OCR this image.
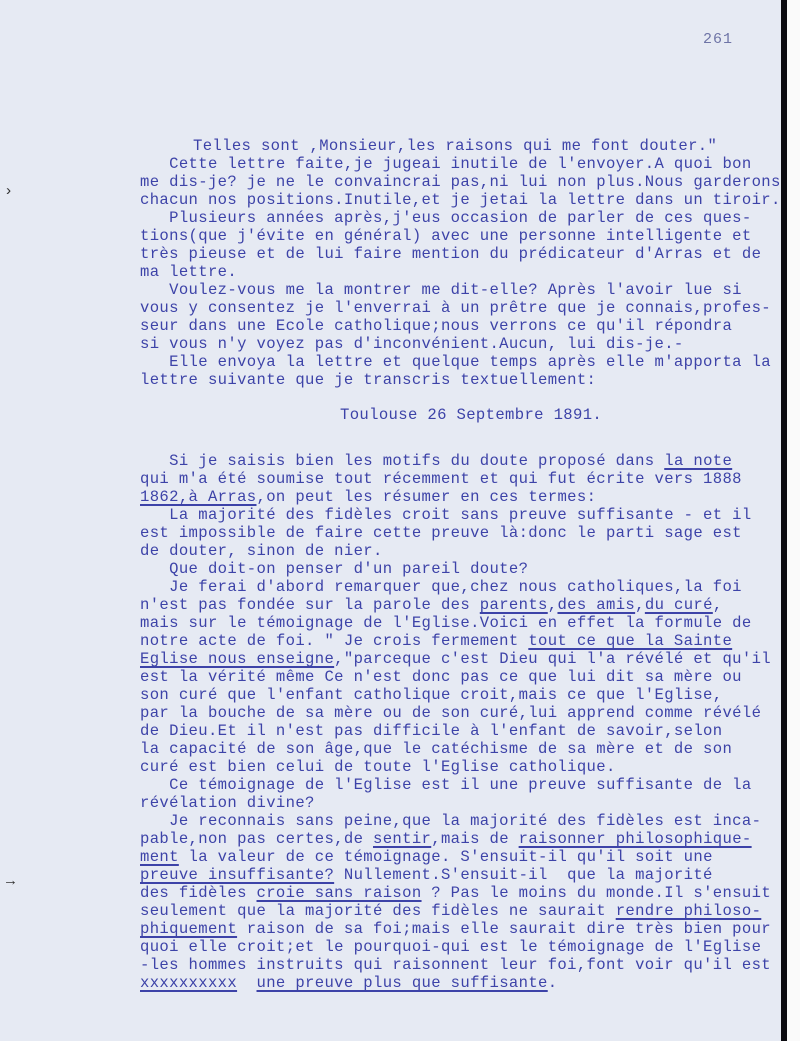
261
›
→
Telles sont ,Monsieur,les raisons qui me font douter."
Cette lettre faite,je jugeai inutile de l'envoyer.A quoi bon
me dis-je? je ne le convaincrai pas,ni lui non plus.Nous garderons
chacun nos positions.Inutile,et je jetai la lettre dans un tiroir.
Plusieurs années après,j'eus occasion de parler de ces ques-
tions(que j'évite en général) avec une personne intelligente et
très pieuse et de lui faire mention du prédicateur d'Arras et de
ma lettre.
Voulez-vous me la montrer me dit-elle? Après l'avoir lue si
vous y consentez je l'enverrai à un prêtre que je connais,profes-
seur dans une Ecole catholique;nous verrons ce qu'il répondra
si vous n'y voyez pas d'inconvénient.Aucun, lui dis-je.-
Elle envoya la lettre et quelque temps après elle m'apporta la
lettre suivante que je transcris textuellement:
Toulouse 26 Septembre 1891.
Si je saisis bien les motifs du doute proposé dans la note
qui m'a été soumise tout récemment et qui fut écrite vers 1888
1862,à Arras,on peut les résumer en ces termes:
La majorité des fidèles croit sans preuve suffisante - et il
est impossible de faire cette preuve là:donc le parti sage est
de douter, sinon de nier.
Que doit-on penser d'un pareil doute?
Je ferai d'abord remarquer que,chez nous catholiques,la foi
n'est pas fondée sur la parole des parents,des amis,du curé,
mais sur le témoignage de l'Eglise.Voici en effet la formule de
notre acte de foi. " Je crois fermement tout ce que la Sainte
Eglise nous enseigne,"parceque c'est Dieu qui l'a révélé et qu'il
est la vérité même Ce n'est donc pas ce que lui dit sa mère ou
son curé que l'enfant catholique croit,mais ce que l'Eglise,
par la bouche de sa mère ou de son curé,lui apprend comme révélé
de Dieu.Et il n'est pas difficile à l'enfant de savoir,selon
la capacité de son âge,que le catéchisme de sa mère et de son
curé est bien celui de toute l'Eglise catholique.
Ce témoignage de l'Eglise est il une preuve suffisante de la
révélation divine?
Je reconnais sans peine,que la majorité des fidèles est inca-
pable,non pas certes,de sentir,mais de raisonner philosophique-
ment la valeur de ce témoignage. S'ensuit-il qu'il soit une
preuve insuffisante? Nullement.S'ensuit-il  que la majorité
des fidèles croie sans raison ? Pas le moins du monde.Il s'ensuit
seulement que la majorité des fidèles ne saurait rendre philoso-
phiquement raison de sa foi;mais elle saurait dire très bien pour
quoi elle croit;et le pourquoi-qui est le témoignage de l'Eglise
-les hommes instruits qui raisonnent leur foi,font voir qu'il est
xxxxxxxxxx une preuve plus que suffisante.
